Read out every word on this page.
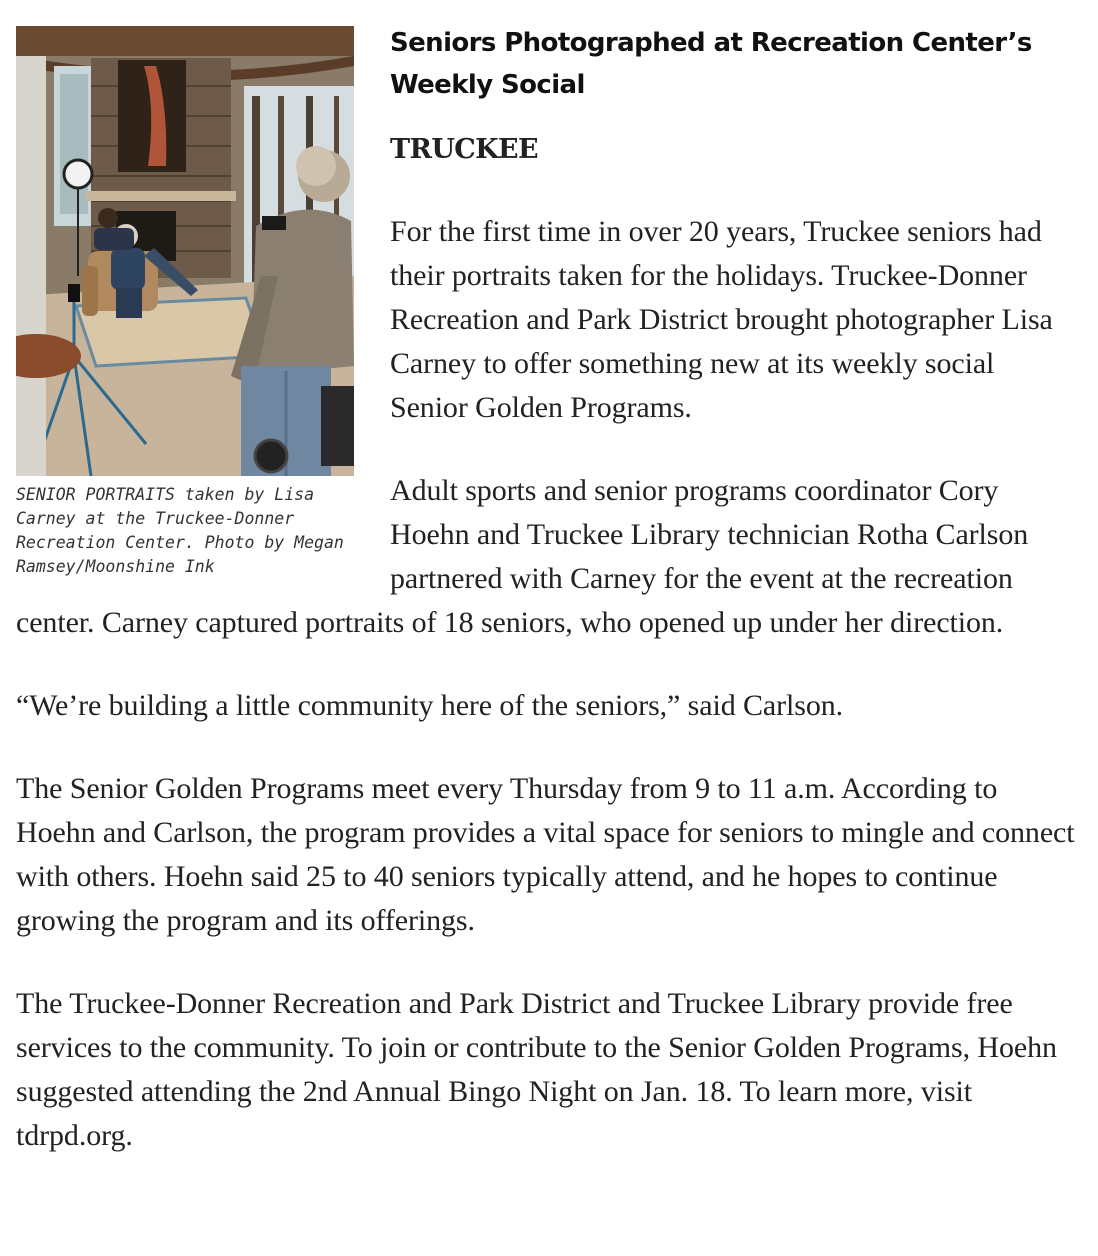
SENIOR PORTRAITS taken by Lisa Carney at the Truckee-Donner Recreation Center. Photo by Megan Ramsey/Moonshine Ink
Seniors Photographed at Recreation Center’s Weekly Social
TRUCKEE

For the first time in over 20 years, Truckee seniors had their portraits taken for the holidays. Truckee-Donner Recreation and Park District brought photographer Lisa Carney to offer something new at its weekly social Senior Golden Programs.

Adult sports and senior programs coordinator Cory Hoehn and Truckee Library technician Rotha Carlson partnered with Carney for the event at the recreation center. Carney captured portraits of 18 seniors, who opened up under her direction.

“We’re building a little community here of the seniors,” said Carlson.

The Senior Golden Programs meet every Thursday from 9 to 11 a.m. According to Hoehn and Carlson, the program provides a vital space for seniors to mingle and connect with others. Hoehn said 25 to 40 seniors typically attend, and he hopes to continue growing the program and its offerings.

The Truckee-Donner Recreation and Park District and Truckee Library provide free services to the community. To join or contribute to the Senior Golden Programs, Hoehn suggested attending the 2nd Annual Bingo Night on Jan. 18. To learn more, visit tdrpd.org.
